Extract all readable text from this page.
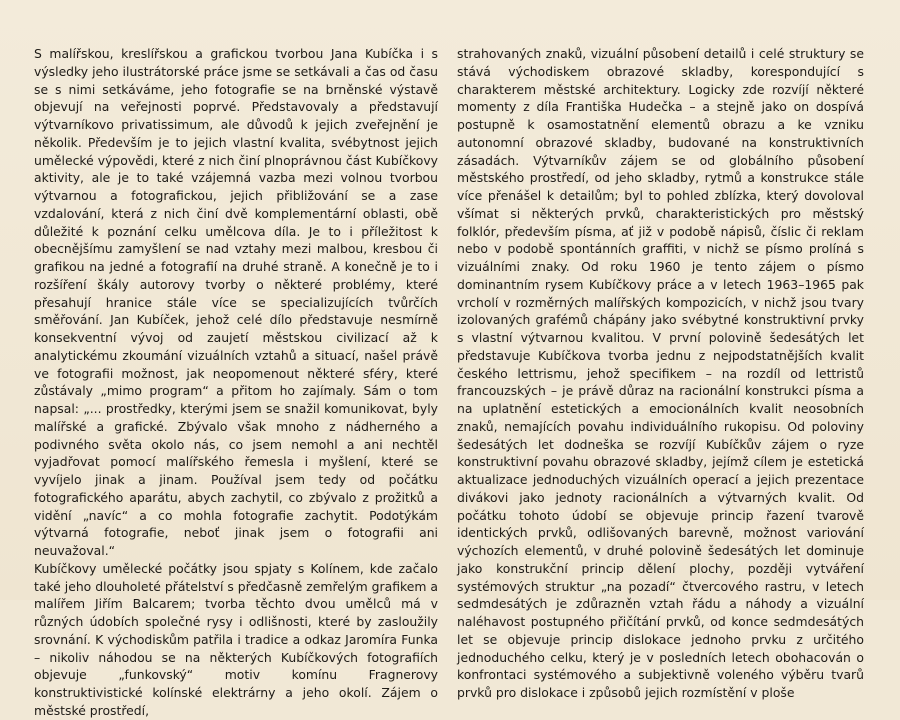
S malířskou, kreslířskou a grafickou tvorbou Jana Kubíčka i s výsledky jeho ilustrátorské práce jsme se setkávali a čas od času se s nimi setkáváme, jeho fotografie se na brněnské výstavě objevují na veřejnosti poprvé. Představovaly a představují výtvarníkovo privatissimum, ale důvodů k jejich zveřejnění je několik. Především je to jejich vlastní kvalita, svébytnost jejich umělecké výpovědi, které z nich činí plnoprávnou část Kubíčkovy aktivity, ale je to také vzájemná vazba mezi volnou tvorbou výtvarnou a fotografickou, jejich přibližování se a zase vzdalování, která z nich činí dvě komplementární oblasti, obě důležité k poznání celku umělcova díla. Je to i příležitost k obecnějšímu zamyšlení se nad vztahy mezi malbou, kresbou či grafikou na jedné a fotografií na druhé straně. A konečně je to i rozšíření škály autorovy tvorby o některé problémy, které přesahují hranice stále více se specializujících tvůrčích směřování. Jan Kubíček, jehož celé dílo představuje nesmírně konsekventní vývoj od zaujetí městskou civilizací až k analytickému zkoumání vizuálních vztahů a situací, našel právě ve fotografii možnost, jak neopomenout některé sféry, které zůstávaly „mimo program“ a přitom ho zajímaly. Sám o tom napsal: „... prostředky, kterými jsem se snažil komunikovat, byly malířské a grafické. Zbývalo však mnoho z nádherného a podivného světa okolo nás, co jsem nemohl a ani nechtěl vyjadřovat pomocí malířského řemesla i myšlení, které se vyvíjelo jinak a jinam. Používal jsem tedy od počátku fotografického aparátu, abych zachytil, co zbývalo z prožitků a vidění „navíc“ a co mohla fotografie zachytit. Podotýkám výtvarná fotografie, neboť jinak jsem o fotografii ani neuvažoval.“

Kubíčkovy umělecké počátky jsou spjaty s Kolínem, kde začalo také jeho dlouholeté přátelství s předčasně zemřelým grafikem a malířem Jiřím Balcarem; tvorba těchto dvou umělců má v různých údobích společné rysy i odlišnosti, které by zasloužily srovnání. K východiskům patřila i tradice a odkaz Jaromíra Funka – nikoliv náhodou se na některých Kubíčkových fotografiích objevuje „funkovský“ motiv komínu Fragnerovy konstruktivistické kolínské elektrárny a jeho okolí. Zájem o městské prostředí,

strahovaných znaků, vizuální působení detailů i celé struktury se stává východiskem obrazové skladby, korespondující s charakterem městské architektury. Logicky zde rozvíjí některé momenty z díla Františka Hudečka – a stejně jako on dospívá postupně k osamostatnění elementů obrazu a ke vzniku autonomní obrazové skladby, budované na konstruktivních zásadách. Výtvarníkův zájem se od globálního působení městského prostředí, od jeho skladby, rytmů a konstrukce stále více přenášel k detailům; byl to pohled zblízka, který dovoloval všímat si některých prvků, charakteristických pro městský folklór, především písma, ať již v podobě nápisů, číslic či reklam nebo v podobě spontánních graffiti, v nichž se písmo prolíná s vizuálními znaky. Od roku 1960 je tento zájem o písmo dominantním rysem Kubíčkovy práce a v letech 1963–1965 pak vrcholí v rozměrných malířských kompozicích, v nichž jsou tvary izolovaných grafémů chápány jako svébytné konstruktivní prvky s vlastní výtvarnou kvalitou. V první polovině šedesátých let představuje Kubíčkova tvorba jednu z nejpodstatnějších kvalit českého lettrismu, jehož specifikem – na rozdíl od lettristů francouzských – je právě důraz na racionální konstrukci písma a na uplatnění estetických a emocionálních kvalit neosobních znaků, nemajících povahu individuálního rukopisu. Od poloviny šedesátých let dodneška se rozvíjí Kubíčkův zájem o ryze konstruktivní povahu obrazové skladby, jejímž cílem je estetická aktualizace jednoduchých vizuálních operací a jejich prezentace divákovi jako jednoty racionálních a výtvarných kvalit. Od počátku tohoto údobí se objevuje princip řazení tvarově identických prvků, odlišovaných barevně, možnost variování výchozích elementů, v druhé polovině šedesátých let dominuje jako konstrukční princip dělení plochy, později vytváření systémových struktur „na pozadí“ čtvercového rastru, v letech sedmdesátých je zdůrazněn vztah řádu a náhody a vizuální naléhavost postupného přičítání prvků, od konce sedmdesátých let se objevuje princip dislokace jednoho prvku z určitého jednoduchého celku, který je v posledních letech obohacován o konfrontaci systémového a subjektivně voleného výběru tvarů prvků pro dislokace i způsobů jejich rozmístění v ploše
